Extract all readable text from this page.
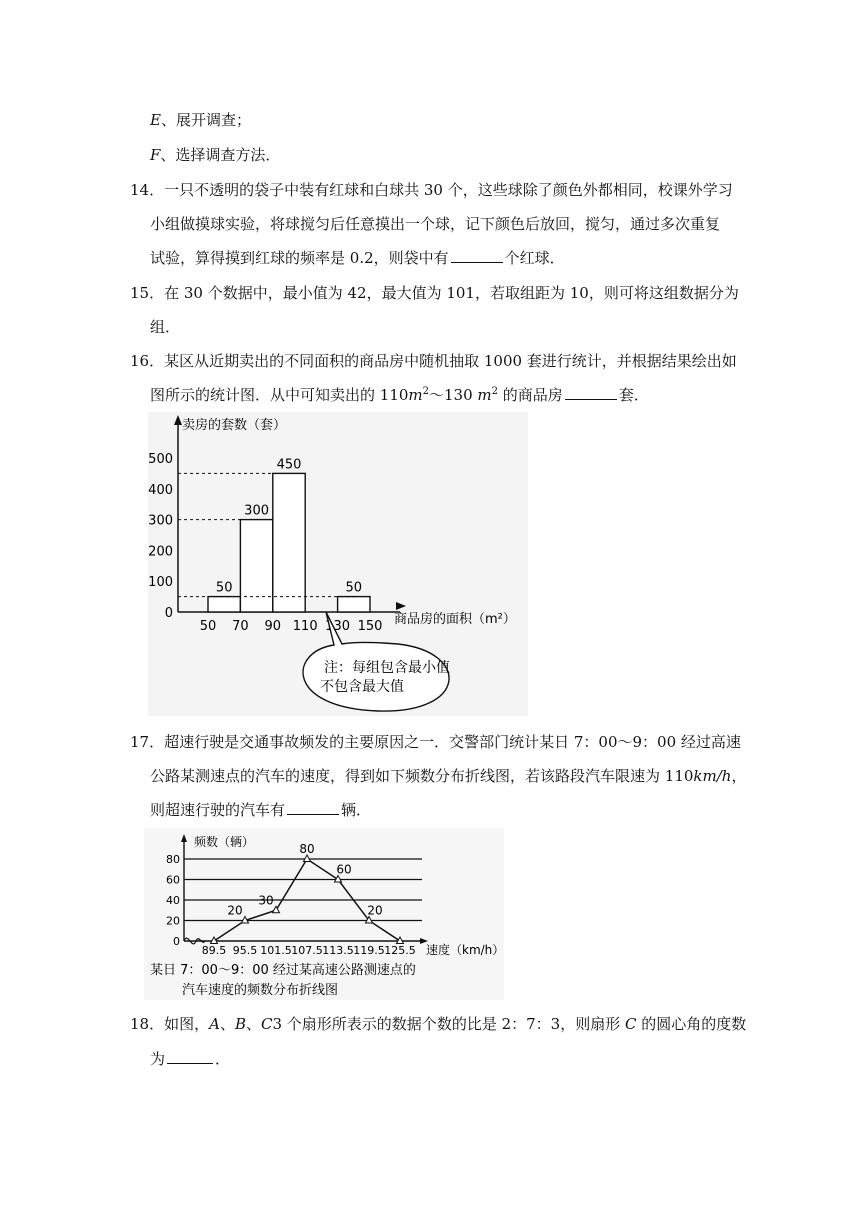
E、展开调查；
F、选择调查方法．
14．一只不透明的袋子中装有红球和白球共 30 个，这些球除了颜色外都相同，校课外学习
小组做摸球实验，将球搅匀后任意摸出一个球，记下颜色后放回，搅匀，通过多次重复
试验，算得摸到红球的频率是 0.2，则袋中有	个红球．
15．在 30 个数据中，最小值为 42，最大值为 101，若取组距为 10，则可将这组数据分为
组．
16．某区从近期卖出的不同面积的商品房中随机抽取 1000 套进行统计，并根据结果绘出如
图所示的统计图．从中可知卖出的 $110m^2\sim 130$ $m^2$ 的商品房	套．
卖房的套数（套）
商品房的面积（m²）
0
100
200
300
400
500
50 70 90 110 130 150
50
300
450
50
注：每组包含最小值
不包含最大值
17．超速行驶是交通事故频发的主要原因之一．交警部门统计某日 7：00～9：00 经过高速
公路某测速点的汽车的速度，得到如下频数分布折线图，若该路段汽车限速为 110km/h，
则超速行驶的汽车有	辆．
频数（辆）
速度（km/h）
0
20
40
60
80
89.5 95.5 101.5 107.5 113.5 119.5 125.5
20
30
80
60
20
某日 7：00～9：00 经过某高速公路测速点的
汽车速度的频数分布折线图
18．如图，A、B、C3 个扇形所表示的数据个数的比是 2：7：3，则扇形 C 的圆心角的度数
为	．
